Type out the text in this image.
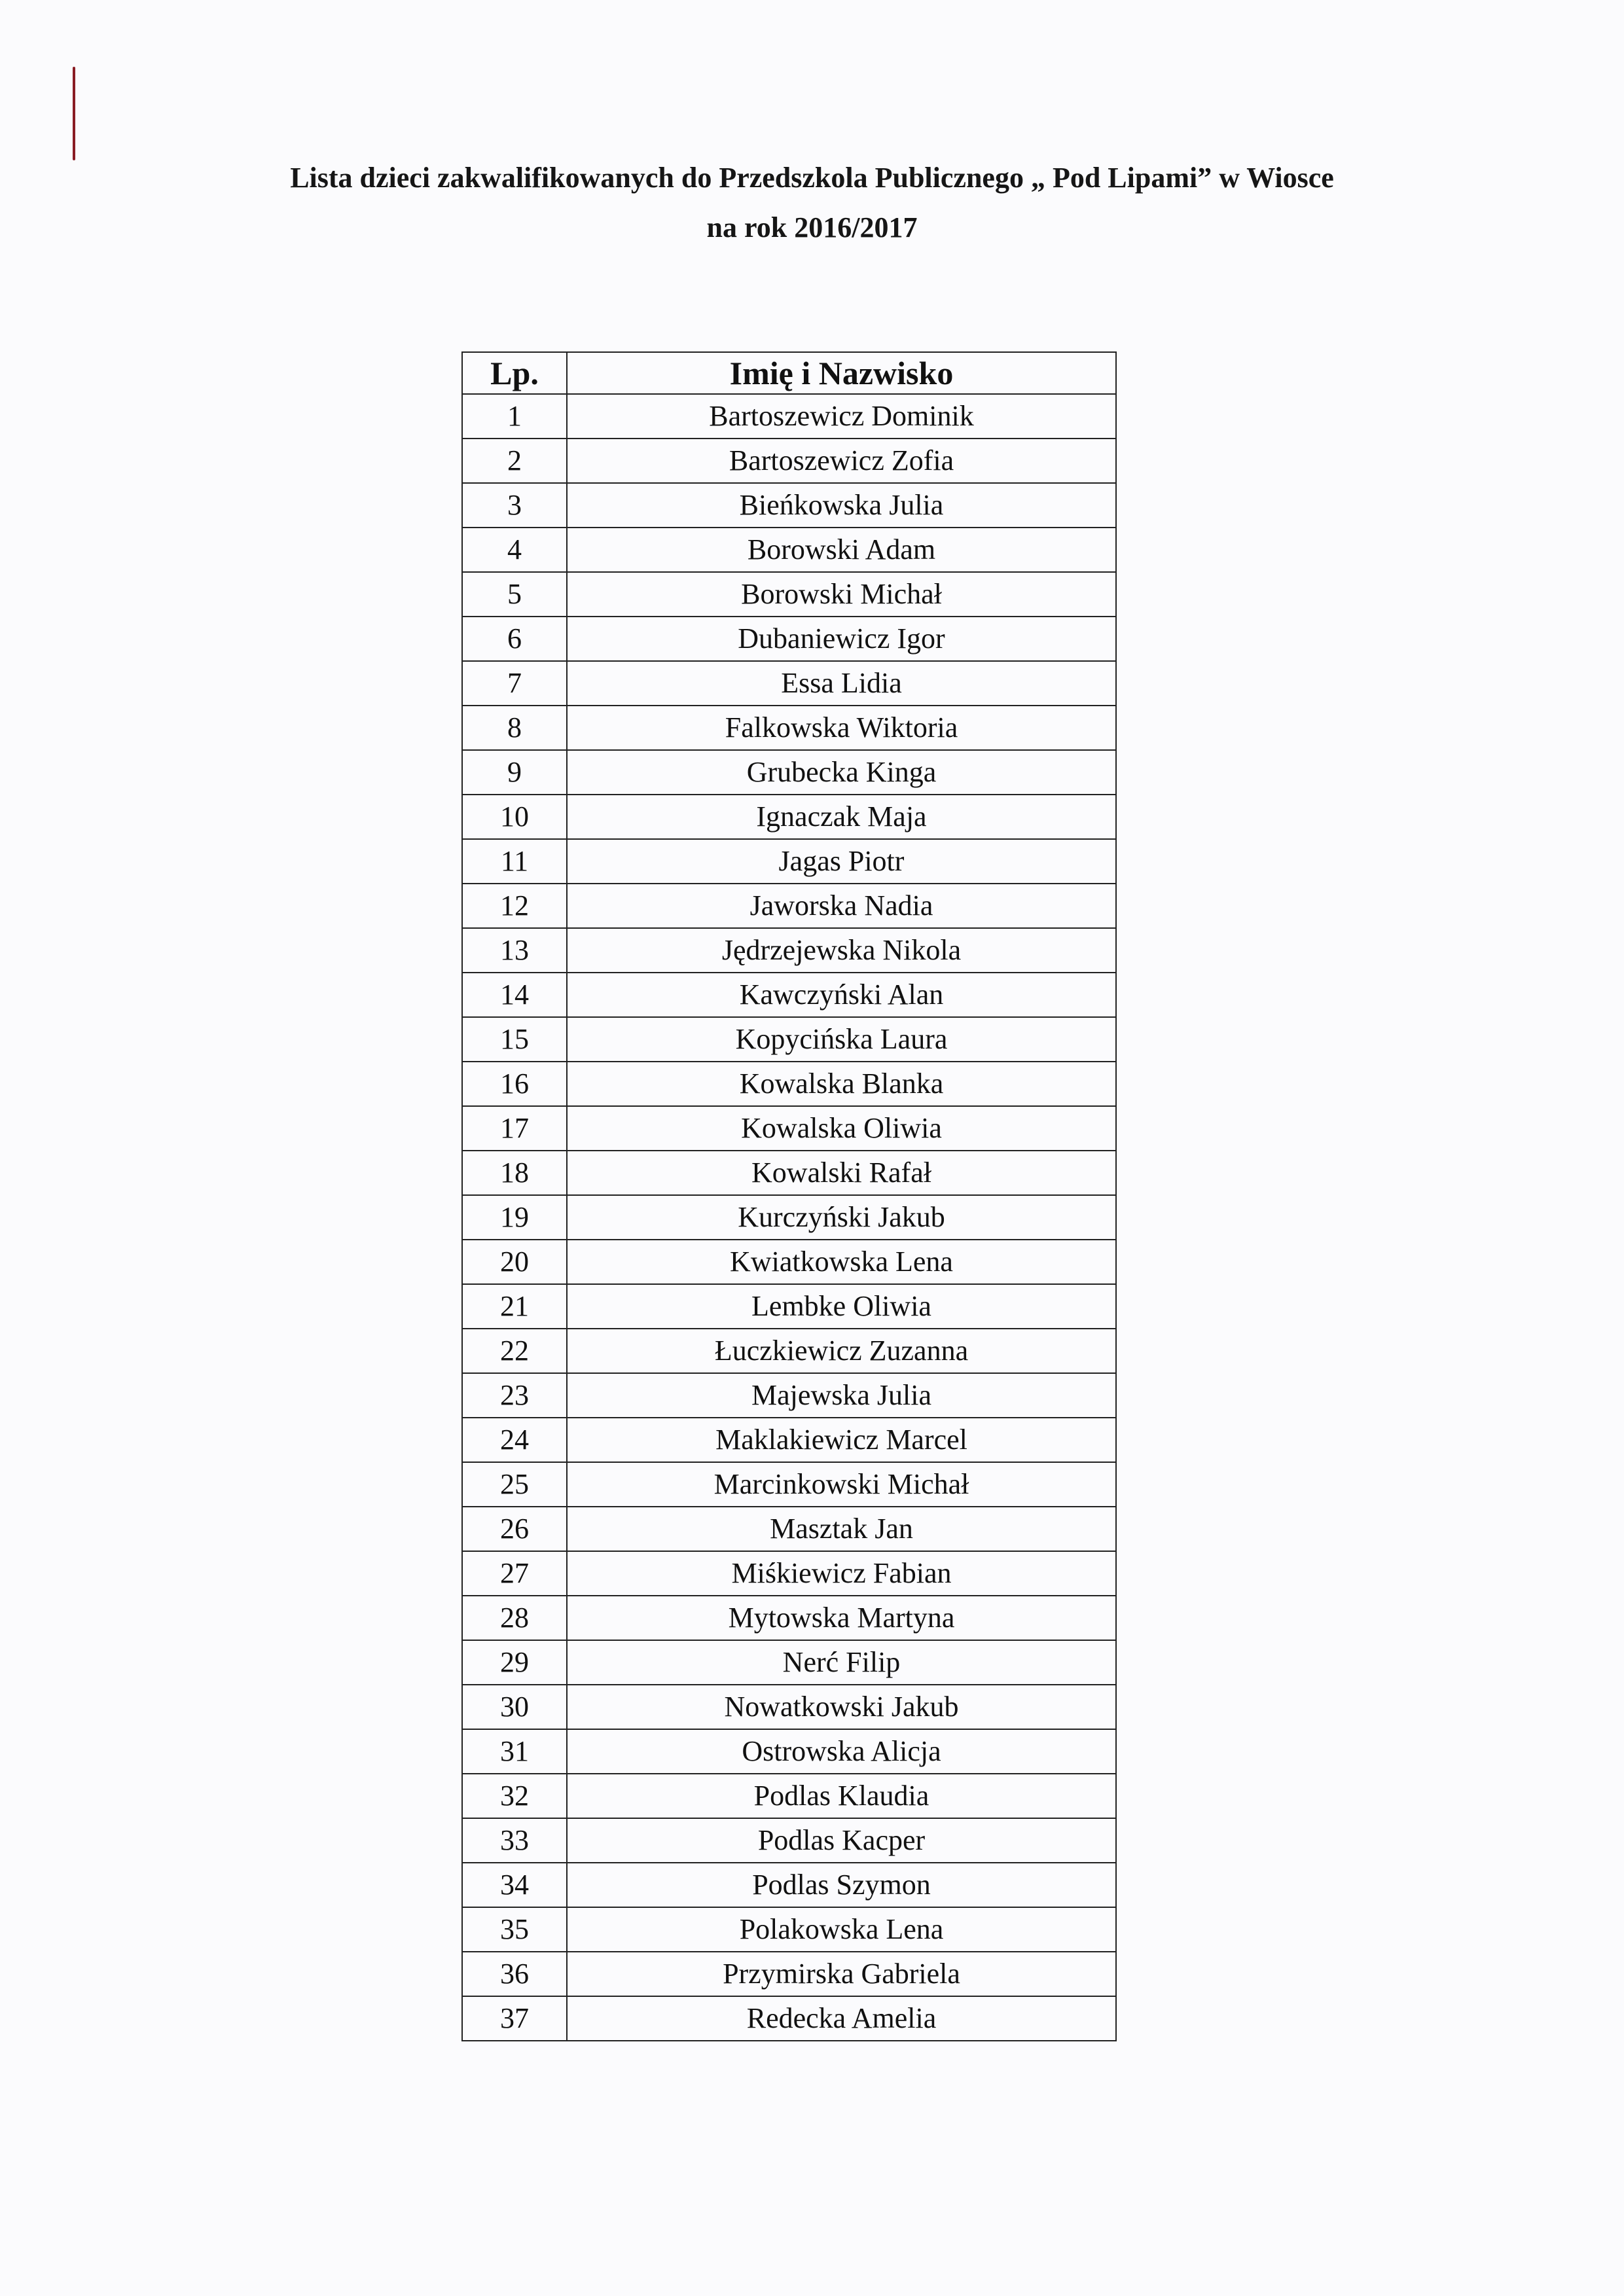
Lista dzieci zakwalifikowanych do Przedszkola Publicznego „ Pod Lipami” w Wiosce
na rok 2016/2017
Lp.	Imię i Nazwisko
1	Bartoszewicz Dominik
2	Bartoszewicz Zofia
3	Bieńkowska Julia
4	Borowski Adam
5	Borowski Michał
6	Dubaniewicz Igor
7	Essa Lidia
8	Falkowska Wiktoria
9	Grubecka Kinga
10	Ignaczak Maja
11	Jagas Piotr
12	Jaworska Nadia
13	Jędrzejewska Nikola
14	Kawczyński Alan
15	Kopycińska Laura
16	Kowalska Blanka
17	Kowalska Oliwia
18	Kowalski Rafał
19	Kurczyński Jakub
20	Kwiatkowska Lena
21	Lembke Oliwia
22	Łuczkiewicz Zuzanna
23	Majewska Julia
24	Maklakiewicz Marcel
25	Marcinkowski Michał
26	Masztak Jan
27	Miśkiewicz Fabian
28	Mytowska Martyna
29	Nerć Filip
30	Nowatkowski Jakub
31	Ostrowska Alicja
32	Podlas Klaudia
33	Podlas Kacper
34	Podlas Szymon
35	Polakowska Lena
36	Przymirska Gabriela
37	Redecka Amelia
